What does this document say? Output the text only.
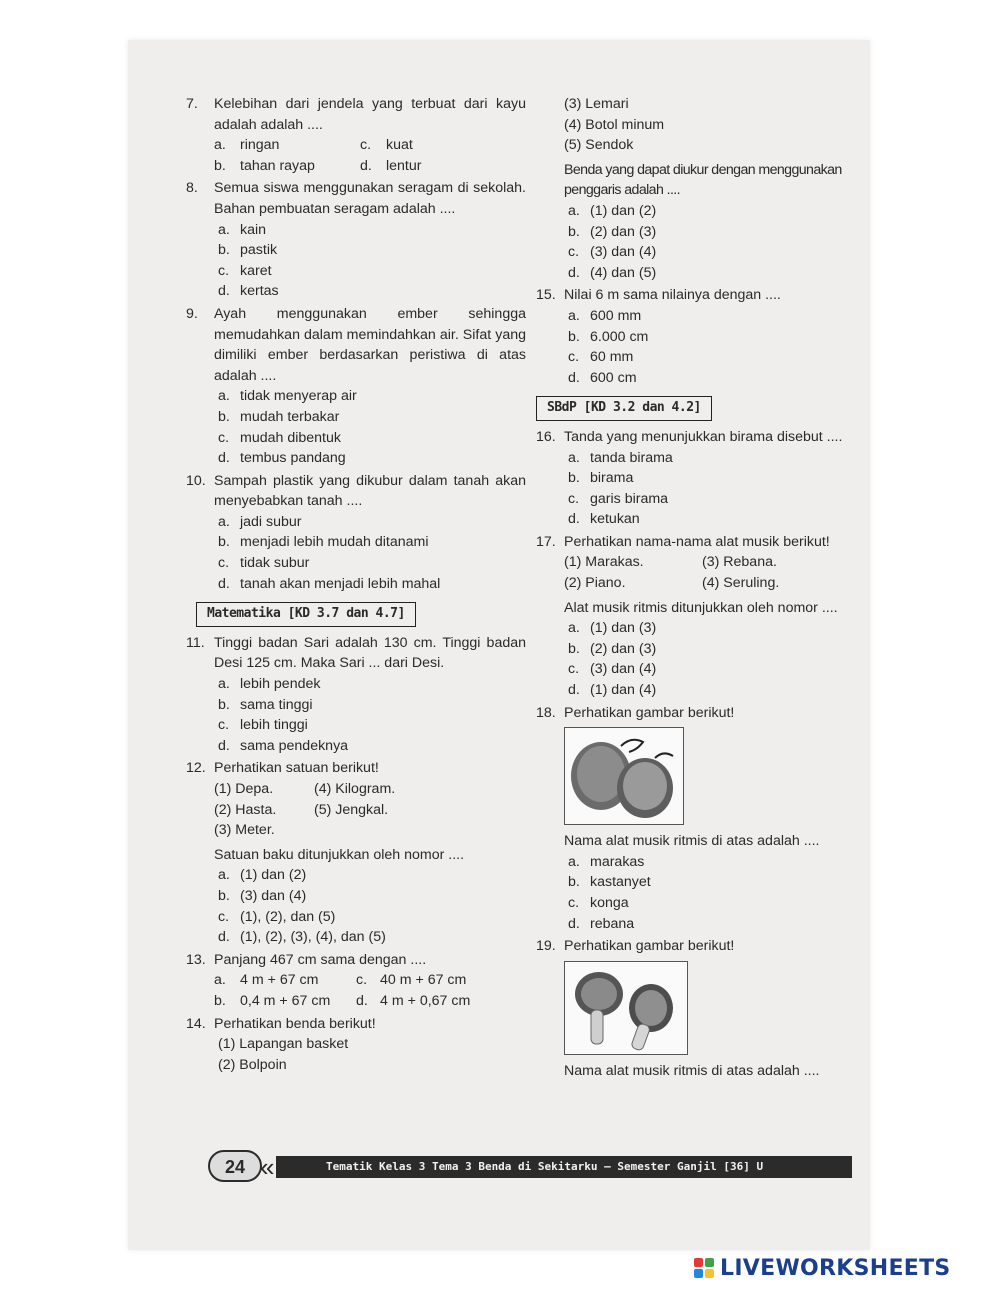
7. Kelebihan dari jendela yang terbuat dari kayu adalah adalah ....
a. ringan	c.	kuat
b. tahan rayap	d. lentur
8. Semua siswa menggunakan seragam di sekolah. Bahan pembuatan seragam adalah ....
a. kain
b. pastik
c. karet
d. kertas
9. Ayah menggunakan ember sehingga memudahkan dalam memindahkan air. Sifat yang dimiliki ember berdasarkan peristiwa di atas adalah ....
a. tidak menyerap air
b. mudah terbakar
c. mudah dibentuk
d. tembus pandang
10. Sampah plastik yang dikubur dalam tanah akan menyebabkan tanah ....
a. jadi subur
b. menjadi lebih mudah ditanami
c. tidak subur
d. tanah akan menjadi lebih mahal
Matematika [KD 3.7 dan 4.7]
11. Tinggi badan Sari adalah 130 cm. Tinggi badan Desi 125 cm. Maka Sari ... dari Desi.
a. lebih pendek
b. sama tinggi
c. lebih tinggi
d. sama pendeknya
12. Perhatikan satuan berikut!
(1) Depa.	(4) Kilogram.
(2) Hasta.	(5) Jengkal.
(3) Meter.
Satuan baku ditunjukkan oleh nomor ....
a. (1) dan (2)
b. (3) dan (4)
c. (1), (2), dan (5)
d. (1), (2), (3), (4), dan (5)
13. Panjang 467 cm sama dengan ....
a. 4 m + 67 cm	c. 40 m + 67 cm
b. 0,4 m + 67 cm	d. 4 m + 0,67 cm
14. Perhatikan benda berikut!
(1) Lapangan basket
(2) Bolpoin
(3) Lemari
(4) Botol minum
(5) Sendok
Benda yang dapat diukur dengan menggunakan penggaris adalah ....
a. (1) dan (2)
b. (2) dan (3)
c. (3) dan (4)
d. (4) dan (5)
15. Nilai 6 m sama nilainya dengan ....
a. 600 mm
b. 6.000 cm
c. 60 mm
d. 600 cm
SBdP [KD 3.2 dan 4.2]
16. Tanda yang menunjukkan birama disebut ....
a. tanda birama
b. birama
c. garis birama
d. ketukan
17. Perhatikan nama-nama alat musik berikut!
(1) Marakas.	(3) Rebana.
(2) Piano.	(4) Seruling.
Alat musik ritmis ditunjukkan oleh nomor ....
a. (1) dan (3)
b. (2) dan (3)
c. (3) dan (4)
d. (1) dan (4)
18. Perhatikan gambar berikut!
Nama alat musik ritmis di atas adalah ....
a. marakas
b. kastanyet
c. konga
d. rebana
19. Perhatikan gambar berikut!
Nama alat musik ritmis di atas adalah ....
Tematik Kelas 3 Tema 3 Benda di Sekitarku – Semester Ganjil [36] U
24 «
LIVEWORKSHEETS
